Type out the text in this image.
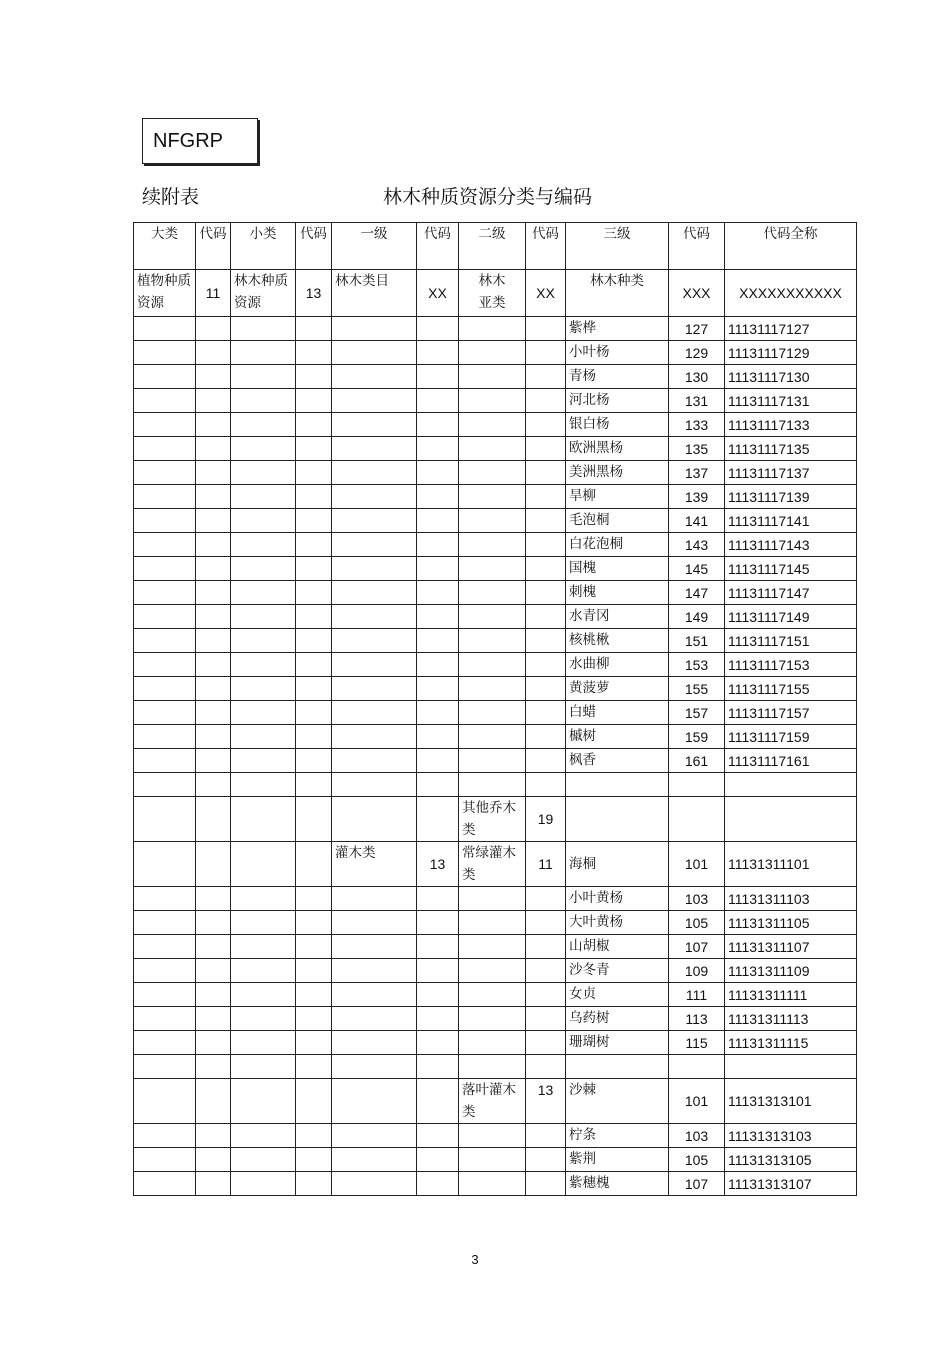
NFGRP
续附表	林木种质资源分类与编码
大类	代码	小类	代码	一级	代码	二级	代码	三级	代码	代码全称
植物种质资源	11	林木种质资源	13	林木类目	XX	林木亚类	XX	林木种类	XXX	XXXXXXXXXXX
								紫桦	127	11131117127
								小叶杨	129	11131117129
								青杨	130	11131117130
								河北杨	131	11131117131
								银白杨	133	11131117133
								欧洲黑杨	135	11131117135
								美洲黑杨	137	11131117137
								旱柳	139	11131117139
								毛泡桐	141	11131117141
								白花泡桐	143	11131117143
								国槐	145	11131117145
								刺槐	147	11131117147
								水青冈	149	11131117149
								核桃楸	151	11131117151
								水曲柳	153	11131117153
								黄菠萝	155	11131117155
								白蜡	157	11131117157
								槭树	159	11131117159
								枫香	161	11131117161

						其他乔木类	19			
				灌木类	13	常绿灌木类	11	海桐	101	11131311101
								小叶黄杨	103	11131311103
								大叶黄杨	105	11131311105
								山胡椒	107	11131311107
								沙冬青	109	11131311109
								女贞	111	11131311111
								乌药树	113	11131311113
								珊瑚树	115	11131311115

						落叶灌木类	13	沙棘	101	11131313101
								柠条	103	11131313103
								紫荆	105	11131313105
								紫穗槐	107	11131313107
3
